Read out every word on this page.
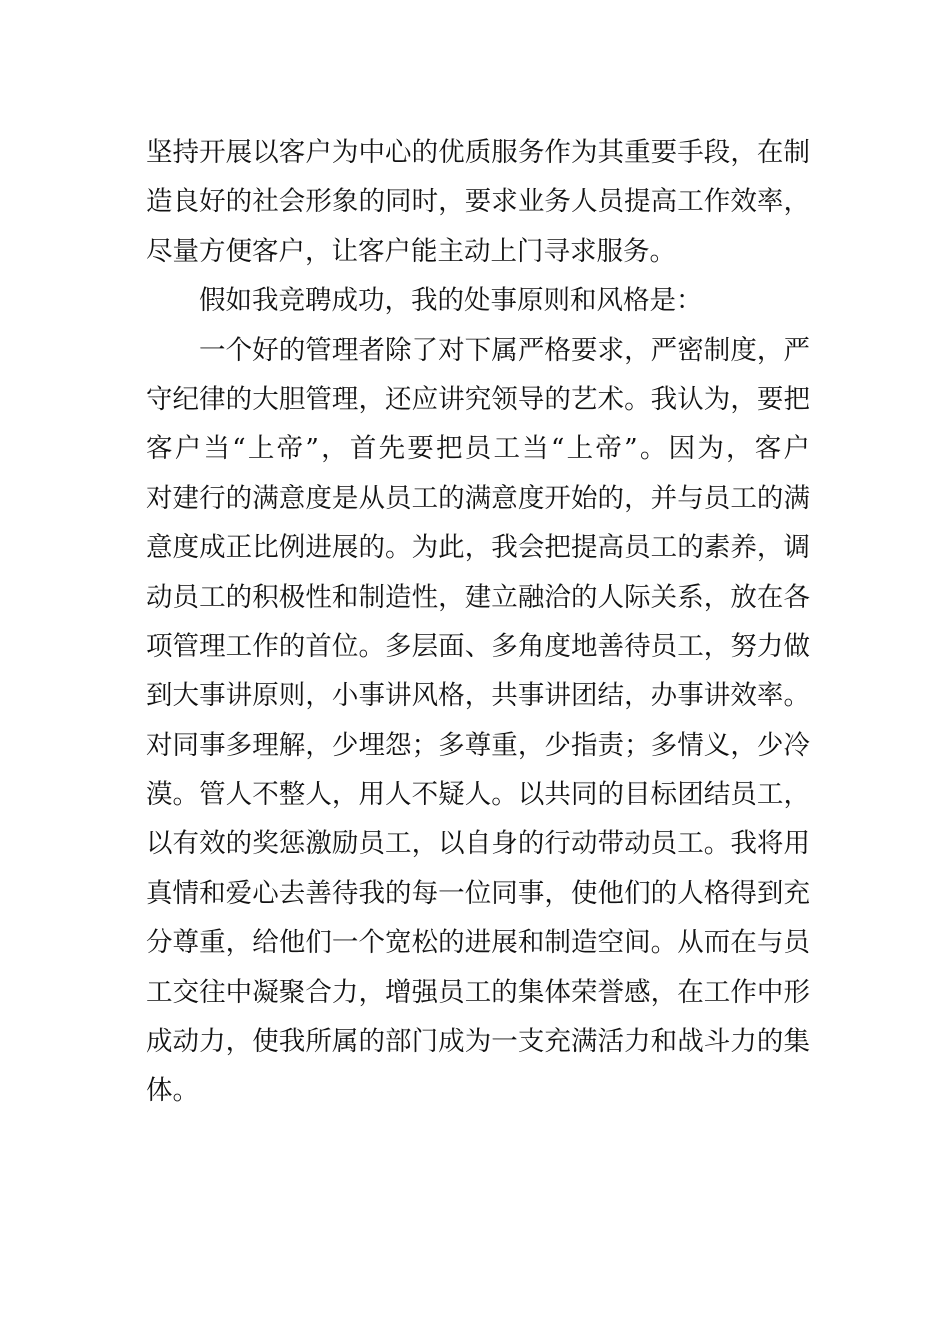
坚持开展以客户为中心的优质服务作为其重要手段，在制
造良好的社会形象的同时，要求业务人员提高工作效率，
尽量方便客户，让客户能主动上门寻求服务。
假如我竞聘成功，我的处事原则和风格是：
一个好的管理者除了对下属严格要求，严密制度，严
守纪律的大胆管理，还应讲究领导的艺术。我认为，要把
客户当“上帝”，首先要把员工当“上帝”。因为，客户
对建行的满意度是从员工的满意度开始的，并与员工的满
意度成正比例进展的。为此，我会把提高员工的素养，调
动员工的积极性和制造性，建立融洽的人际关系，放在各
项管理工作的首位。多层面、多角度地善待员工，努力做
到大事讲原则，小事讲风格，共事讲团结，办事讲效率。
对同事多理解，少埋怨；多尊重，少指责；多情义，少冷
漠。管人不整人，用人不疑人。以共同的目标团结员工，
以有效的奖惩激励员工，以自身的行动带动员工。我将用
真情和爱心去善待我的每一位同事，使他们的人格得到充
分尊重，给他们一个宽松的进展和制造空间。从而在与员
工交往中凝聚合力，增强员工的集体荣誉感，在工作中形
成动力，使我所属的部门成为一支充满活力和战斗力的集
体。
